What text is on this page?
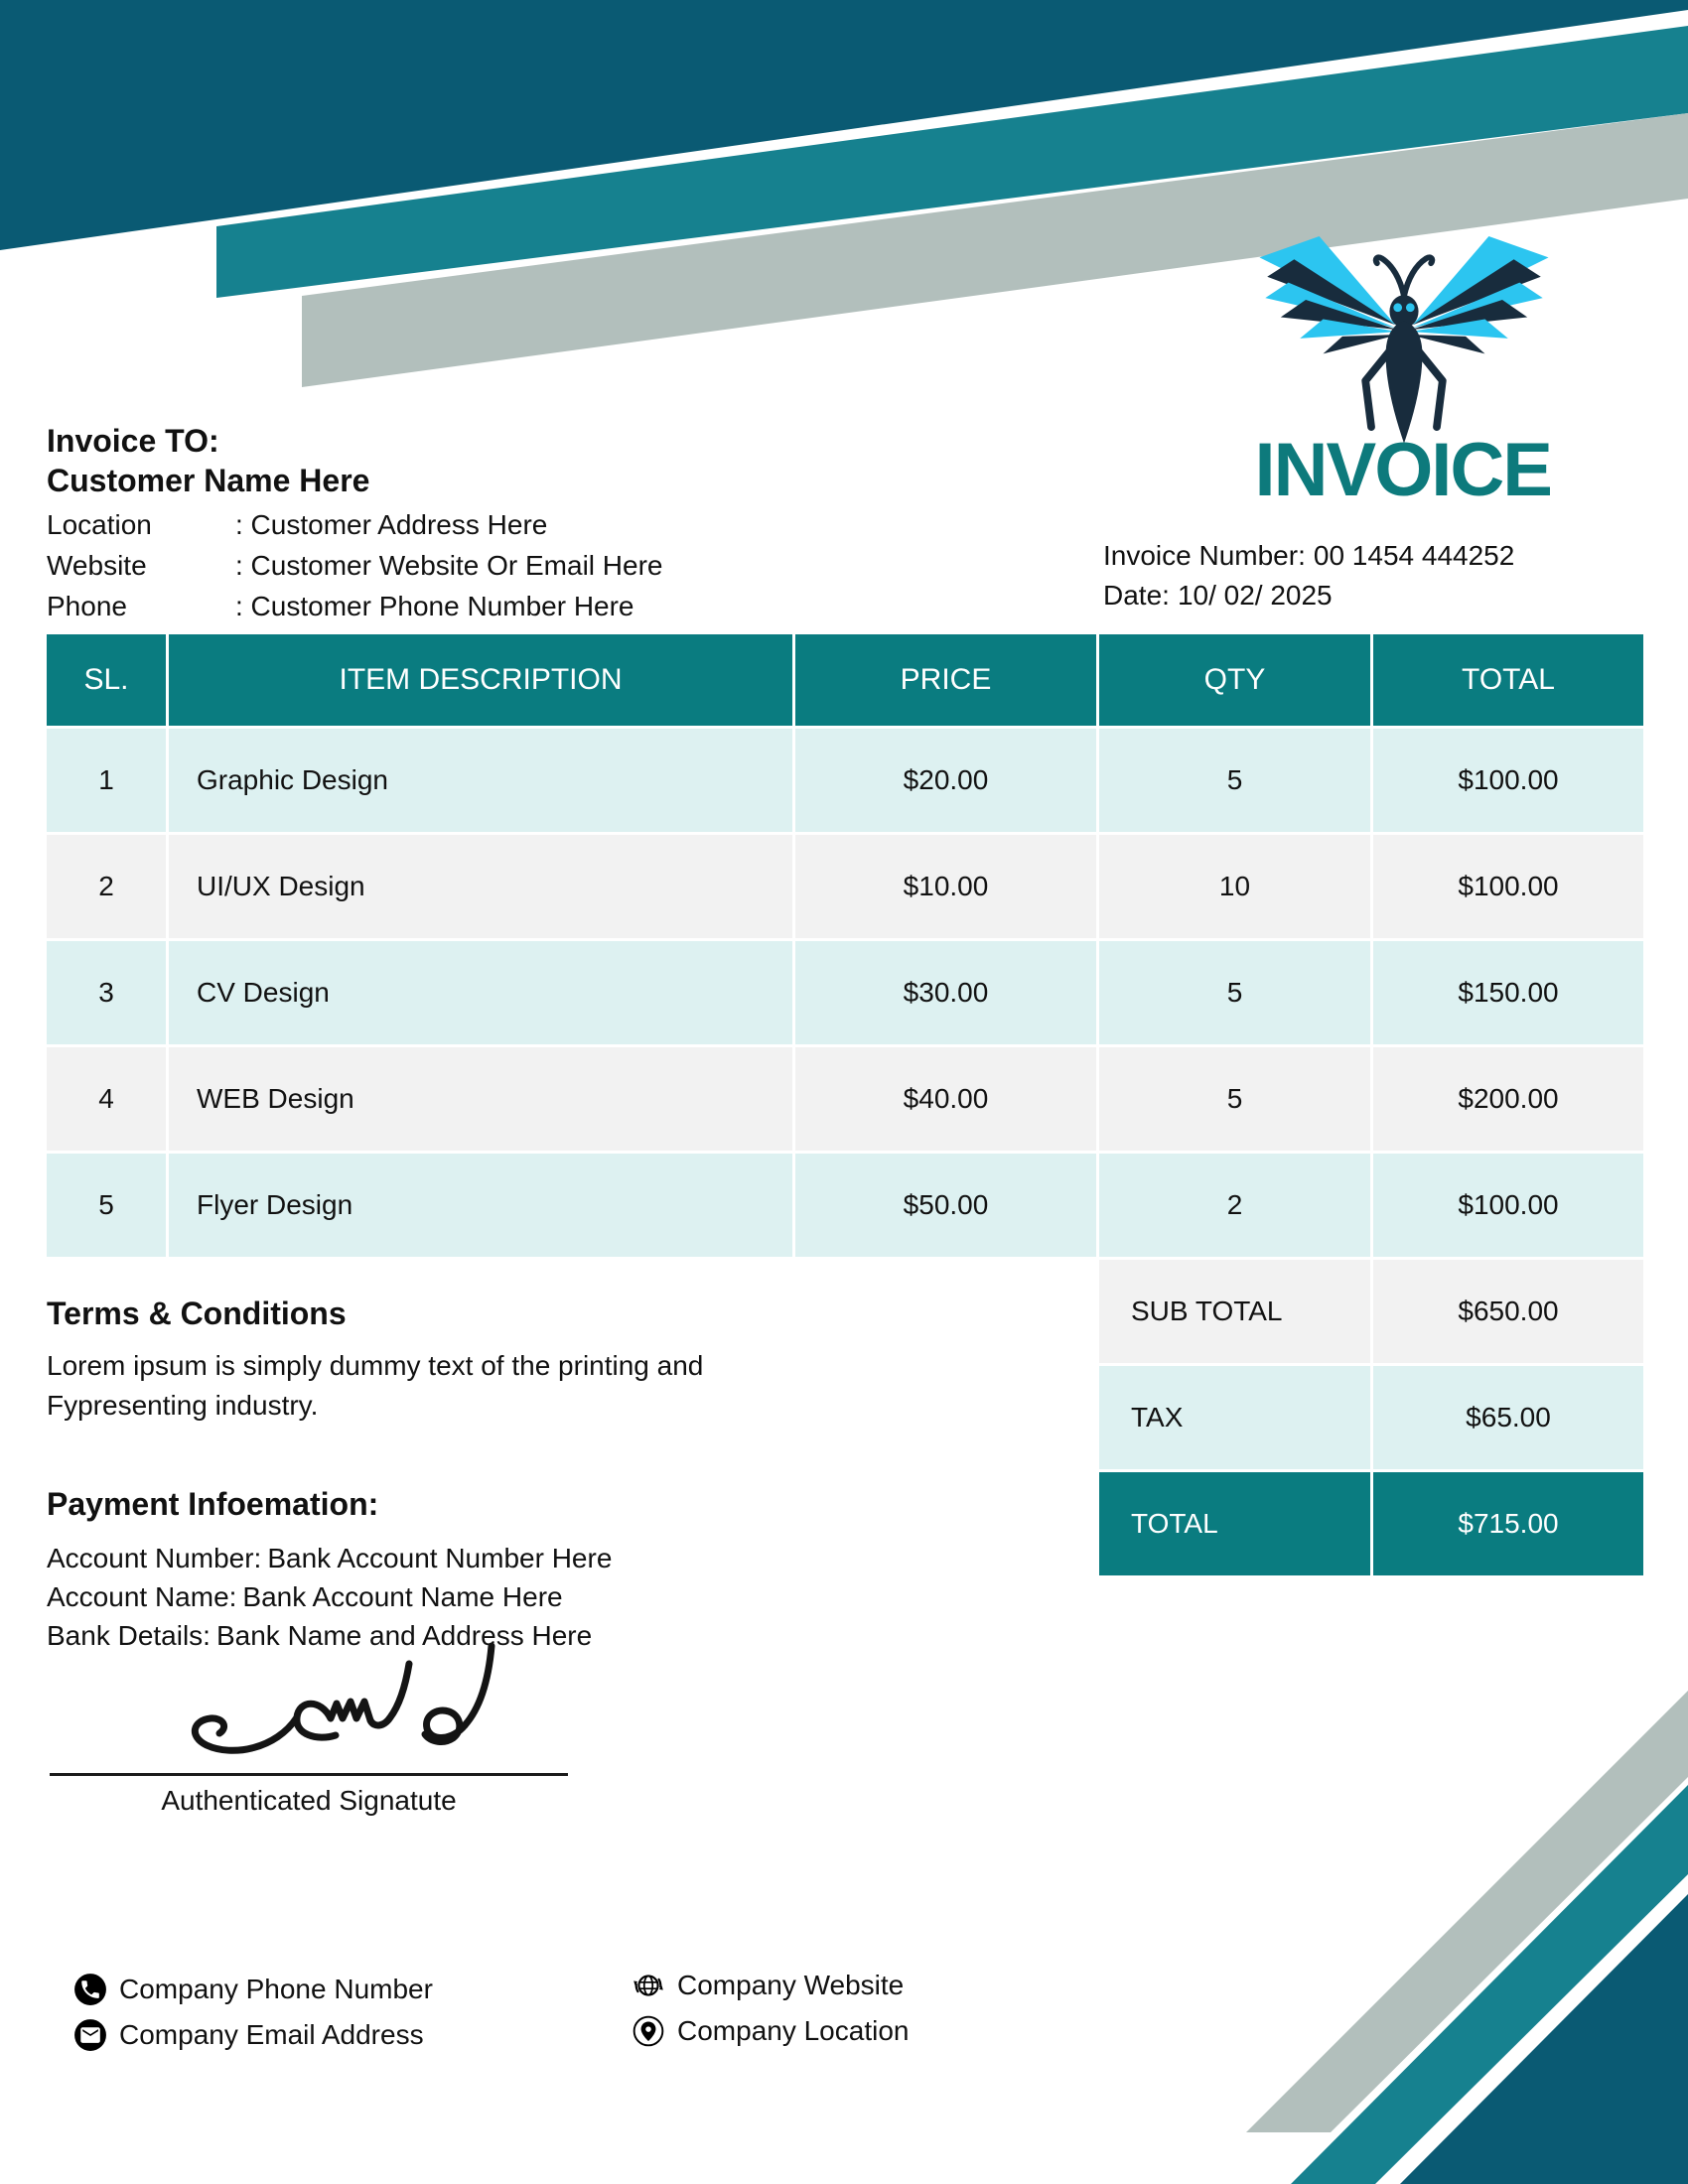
INVOICE
Invoice Number: 00 1454 444252
Date: 10/ 02/ 2025
Invoice TO:
Customer Name Here
Location	: Customer Address Here
Website	: Customer Website Or Email Here
Phone	: Customer Phone Number Here
SL.	ITEM DESCRIPTION	PRICE	QTY	TOTAL
1	Graphic Design	$20.00	5	$100.00
2	UI/UX Design	$10.00	10	$100.00
3	CV Design	$30.00	5	$150.00
4	WEB Design	$40.00	5	$200.00
5	Flyer Design	$50.00	2	$100.00
SUB TOTAL	$650.00
TAX	$65.00
TOTAL	$715.00
Terms & Conditions
Lorem ipsum is simply dummy text of the printing and
Fypresenting industry.
Payment Infoemation:
Account Number: Bank Account Number Here
Account Name: Bank Account Name Here
Bank Details: Bank Name and Address Here
Authenticated Signatute
Company Phone Number
Company Email Address
Company Website
Company Location
